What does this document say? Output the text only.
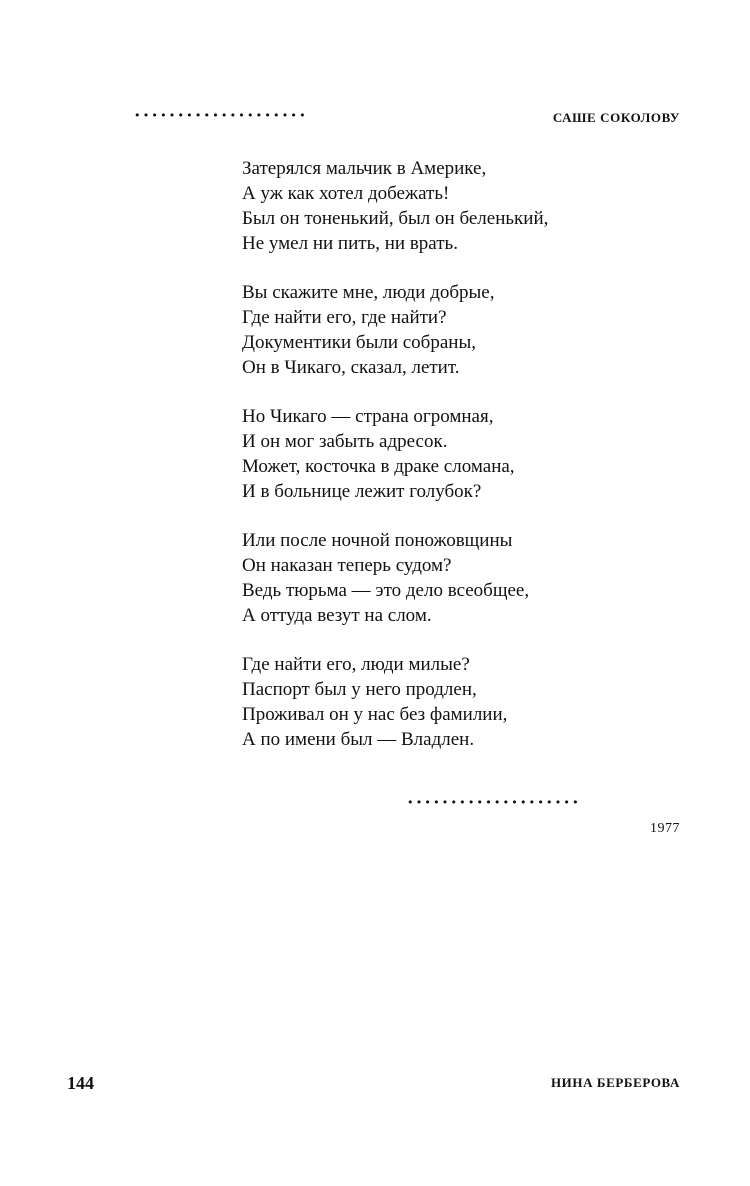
••••••••••••••••••••	САШЕ СОКОЛОВУ
Затерялся мальчик в Америке,
А уж как хотел добежать!
Был он тоненький, был он беленький,
Не умел ни пить, ни врать.
Вы скажите мне, люди добрые,
Где найти его, где найти?
Документики были собраны,
Он в Чикаго, сказал, летит.
Но Чикаго — страна огромная,
И он мог забыть адресок.
Может, косточка в драке сломана,
И в больнице лежит голубок?
Или после ночной поножовщины
Он наказан теперь судом?
Ведь тюрьма — это дело всеобщее,
А оттуда везут на слом.
Где найти его, люди милые?
Паспорт был у него продлен,
Проживал он у нас без фамилии,
А по имени был — Владлен.
••••••••••••••••••••
1977
144	НИНА БЕРБЕРОВА
